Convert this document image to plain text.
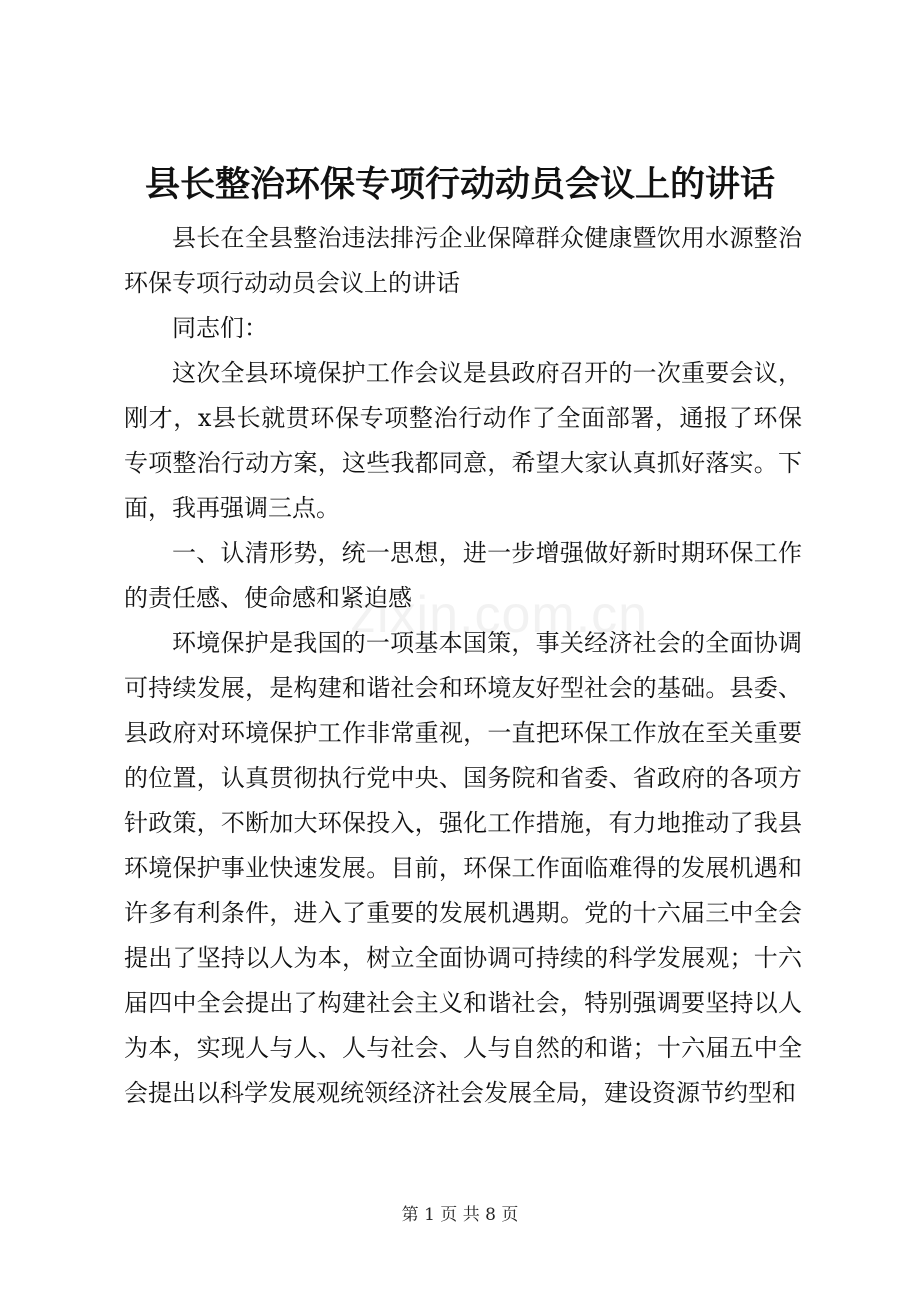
县长整治环保专项行动动员会议上的讲话

县长在全县整治违法排污企业保障群众健康暨饮用水源整治环保专项行动动员会议上的讲话

同志们：

这次全县环境保护工作会议是县政府召开的一次重要会议，刚才，x县长就贯环保专项整治行动作了全面部署，通报了环保专项整治行动方案，这些我都同意，希望大家认真抓好落实。下面，我再强调三点。

一、认清形势，统一思想，进一步增强做好新时期环保工作的责任感、使命感和紧迫感

环境保护是我国的一项基本国策，事关经济社会的全面协调可持续发展，是构建和谐社会和环境友好型社会的基础。县委、县政府对环境保护工作非常重视，一直把环保工作放在至关重要的位置，认真贯彻执行党中央、国务院和省委、省政府的各项方针政策，不断加大环保投入，强化工作措施，有力地推动了我县环境保护事业快速发展。目前，环保工作面临难得的发展机遇和许多有利条件，进入了重要的发展机遇期。党的十六届三中全会提出了坚持以人为本，树立全面协调可持续的科学发展观；十六届四中全会提出了构建社会主义和谐社会，特别强调要坚持以人为本，实现人与人、人与社会、人与自然的和谐；十六届五中全会提出以科学发展观统领经济社会发展全局，建设资源节约型和

zixin.com.cn
第 1 页 共 8 页
